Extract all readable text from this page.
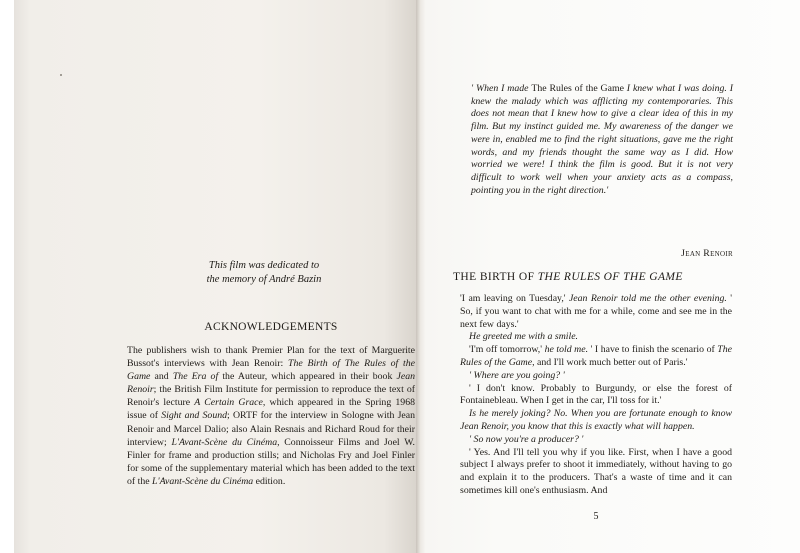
This film was dedicated to
the memory of André Bazin
ACKNOWLEDGEMENTS
The publishers wish to thank Premier Plan for the text of Marguerite Bussot's interviews with Jean Renoir: The Birth of The Rules of the Game and The Era of the Auteur, which appeared in their book Jean Renoir; the British Film Institute for permission to reproduce the text of Renoir's lecture A Certain Grace, which appeared in the Spring 1968 issue of Sight and Sound; ORTF for the interview in Sologne with Jean Renoir and Marcel Dalio; also Alain Resnais and Richard Roud for their interview; L'Avant-Scène du Cinéma, Connoisseur Films and Joel W. Finler for frame and production stills; and Nicholas Fry and Joel Finler for some of the supplementary material which has been added to the text of the L'Avant-Scène du Cinéma edition.
' When I made The Rules of the Game I knew what I was doing. I knew the malady which was afflicting my contemporaries. This does not mean that I knew how to give a clear idea of this in my film. But my instinct guided me. My awareness of the danger we were in, enabled me to find the right situations, gave me the right words, and my friends thought the same way as I did. How worried we were! I think the film is good. But it is not very difficult to work well when your anxiety acts as a compass, pointing you in the right direction.'
Jean Renoir
THE BIRTH OF THE RULES OF THE GAME

'I am leaving on Tuesday,' Jean Renoir told me the other evening. ' So, if you want to chat with me for a while, come and see me in the next few days.'

He greeted me with a smile.

'I'm off tomorrow,' he told me. ' I have to finish the scenario of The Rules of the Game, and I'll work much better out of Paris.'

' Where are you going? '

' I don't know. Probably to Burgundy, or else the forest of Fontainebleau. When I get in the car, I'll toss for it.'

Is he merely joking? No. When you are fortunate enough to know Jean Renoir, you know that this is exactly what will happen.

' So now you're a producer? '

' Yes. And I'll tell you why if you like. First, when I have a good subject I always prefer to shoot it immediately, without having to go and explain it to the producers. That's a waste of time and it can sometimes kill one's enthusiasm. And

5
